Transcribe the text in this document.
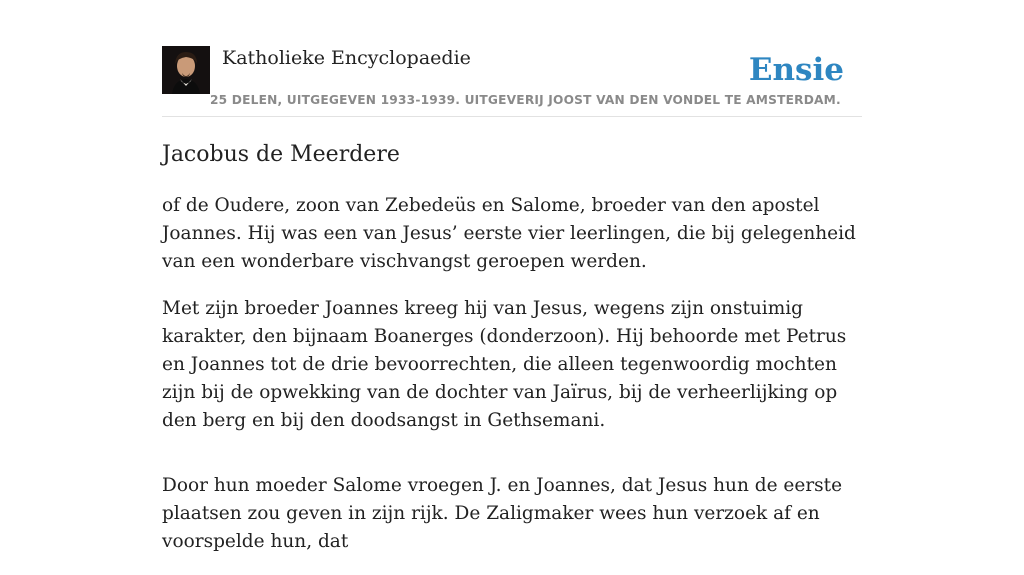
Katholieke Encyclopaedie
25 DELEN, UITGEGEVEN 1933-1939. UITGEVERIJ JOOST VAN DEN VONDEL TE AMSTERDAM.
Ensie
Jacobus de Meerdere

of de Oudere, zoon van Zebedeüs en Salome, broeder van den apostel Joannes. Hij was een van Jesus’ eerste vier leerlingen, die bij gelegenheid van een wonderbare vischvangst geroepen werden.

Met zijn broeder Joannes kreeg hij van Jesus, wegens zijn onstuimig karakter, den bijnaam Boanerges (donderzoon). Hij behoorde met Petrus en Joannes tot de drie bevoorrechten, die alleen tegenwoordig mochten zijn bij de opwekking van de dochter van Jaïrus, bij de verheerlijking op den berg en bij den doodsangst in Gethsemani.

Door hun moeder Salome vroegen J. en Joannes, dat Jesus hun de eerste plaatsen zou geven in zijn rijk. De Zaligmaker wees hun verzoek af en voorspelde hun, dat
